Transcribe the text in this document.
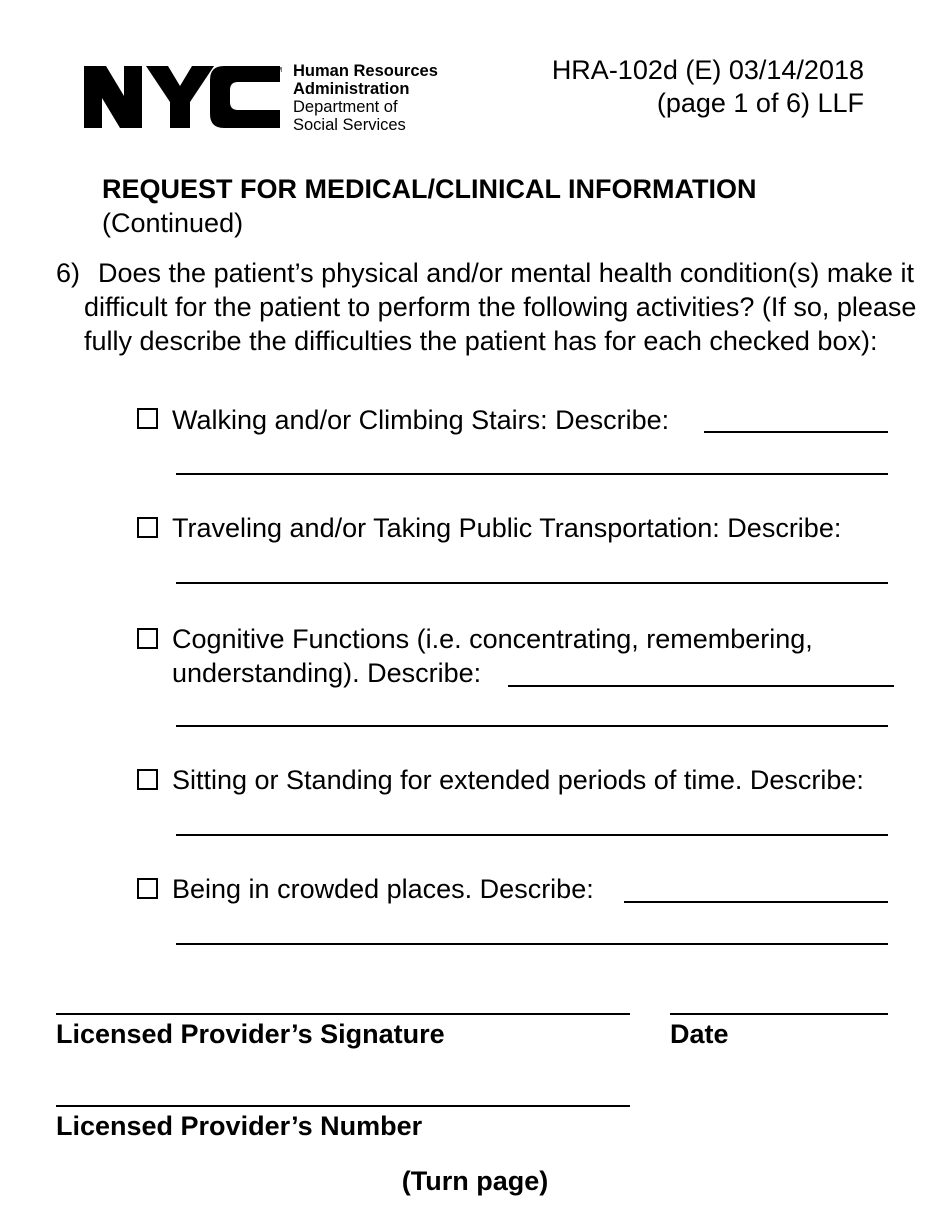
TM Human Resources
Administration
Department of
Social Services
HRA-102d (E) 03/14/2018
(page 1 of 6) LLF
REQUEST FOR MEDICAL/CLINICAL INFORMATION
(Continued)
6) Does the patient’s physical and/or mental health condition(s) make it difficult for the patient to perform the following activities? (If so, please fully describe the difficulties the patient has for each checked box):
Walking and/or Climbing Stairs: Describe:
Traveling and/or Taking Public Transportation: Describe:
Cognitive Functions (i.e. concentrating, remembering,
understanding). Describe:
Sitting or Standing for extended periods of time. Describe:
Being in crowded places. Describe:
Licensed Provider’s Signature	Date
Licensed Provider’s Number
(Turn page)
